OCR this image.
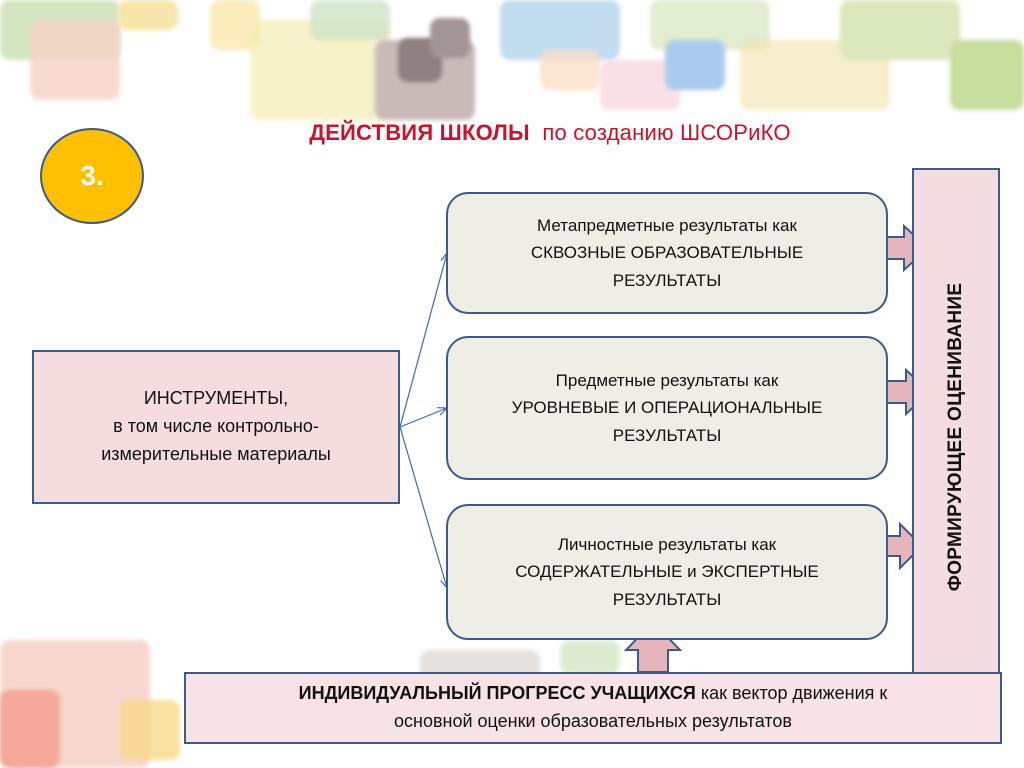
ДЕЙСТВИЯ ШКОЛЫ по созданию ШСОРиКО
3.
ИНСТРУМЕНТЫ,
в том числе контрольно-
измерительные материалы
Метапредметные результаты как
СКВОЗНЫЕ ОБРАЗОВАТЕЛЬНЫЕ
РЕЗУЛЬТАТЫ
Предметные результаты как
УРОВНЕВЫЕ И ОПЕРАЦИОНАЛЬНЫЕ
РЕЗУЛЬТАТЫ
Личностные результаты как
СОДЕРЖАТЕЛЬНЫЕ и ЭКСПЕРТНЫЕ
РЕЗУЛЬТАТЫ
ФОРМИРУЮЩЕЕ ОЦЕНИВАНИЕ
ИНДИВИДУАЛЬНЫЙ ПРОГРЕСС УЧАЩИХСЯ как вектор движения к
основной оценки образовательных результатов
